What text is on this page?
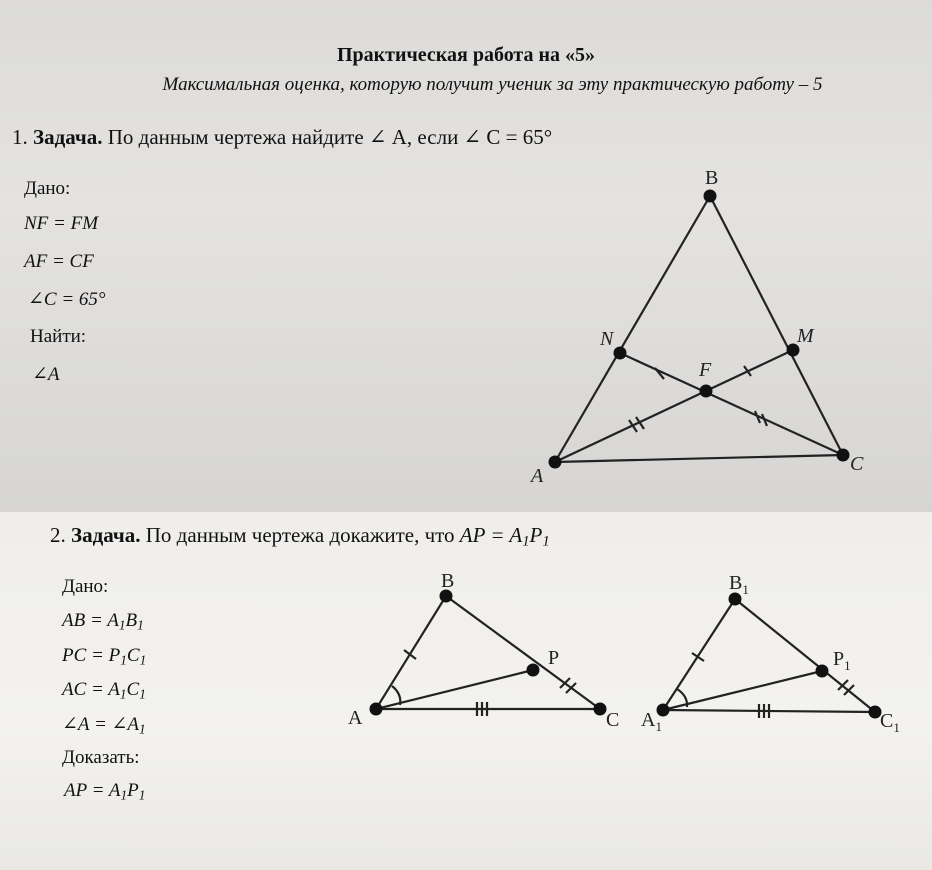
Практическая работа на «5»
Максимальная оценка, которую получит ученик за эту практическую работу – 5
1. Задача. По данным чертежа найдите ∠ A, если ∠ C = 65°
Дано:
NF = FM
AF = CF
∠C = 65°
Найти:
∠A
2. Задача. По данным чертежа докажите, что AP = $A_1P_1$
Дано:
AB = $A_1B_1$
PC = $P_1C_1$
AC = $A_1C_1$
∠A = $\angle A_1$
Доказать:
AP = $A_1P_1$
B
N	M
F
A
C
B
P
A	C
$B_1$
$P_1$
$A_1$	$C_1$
